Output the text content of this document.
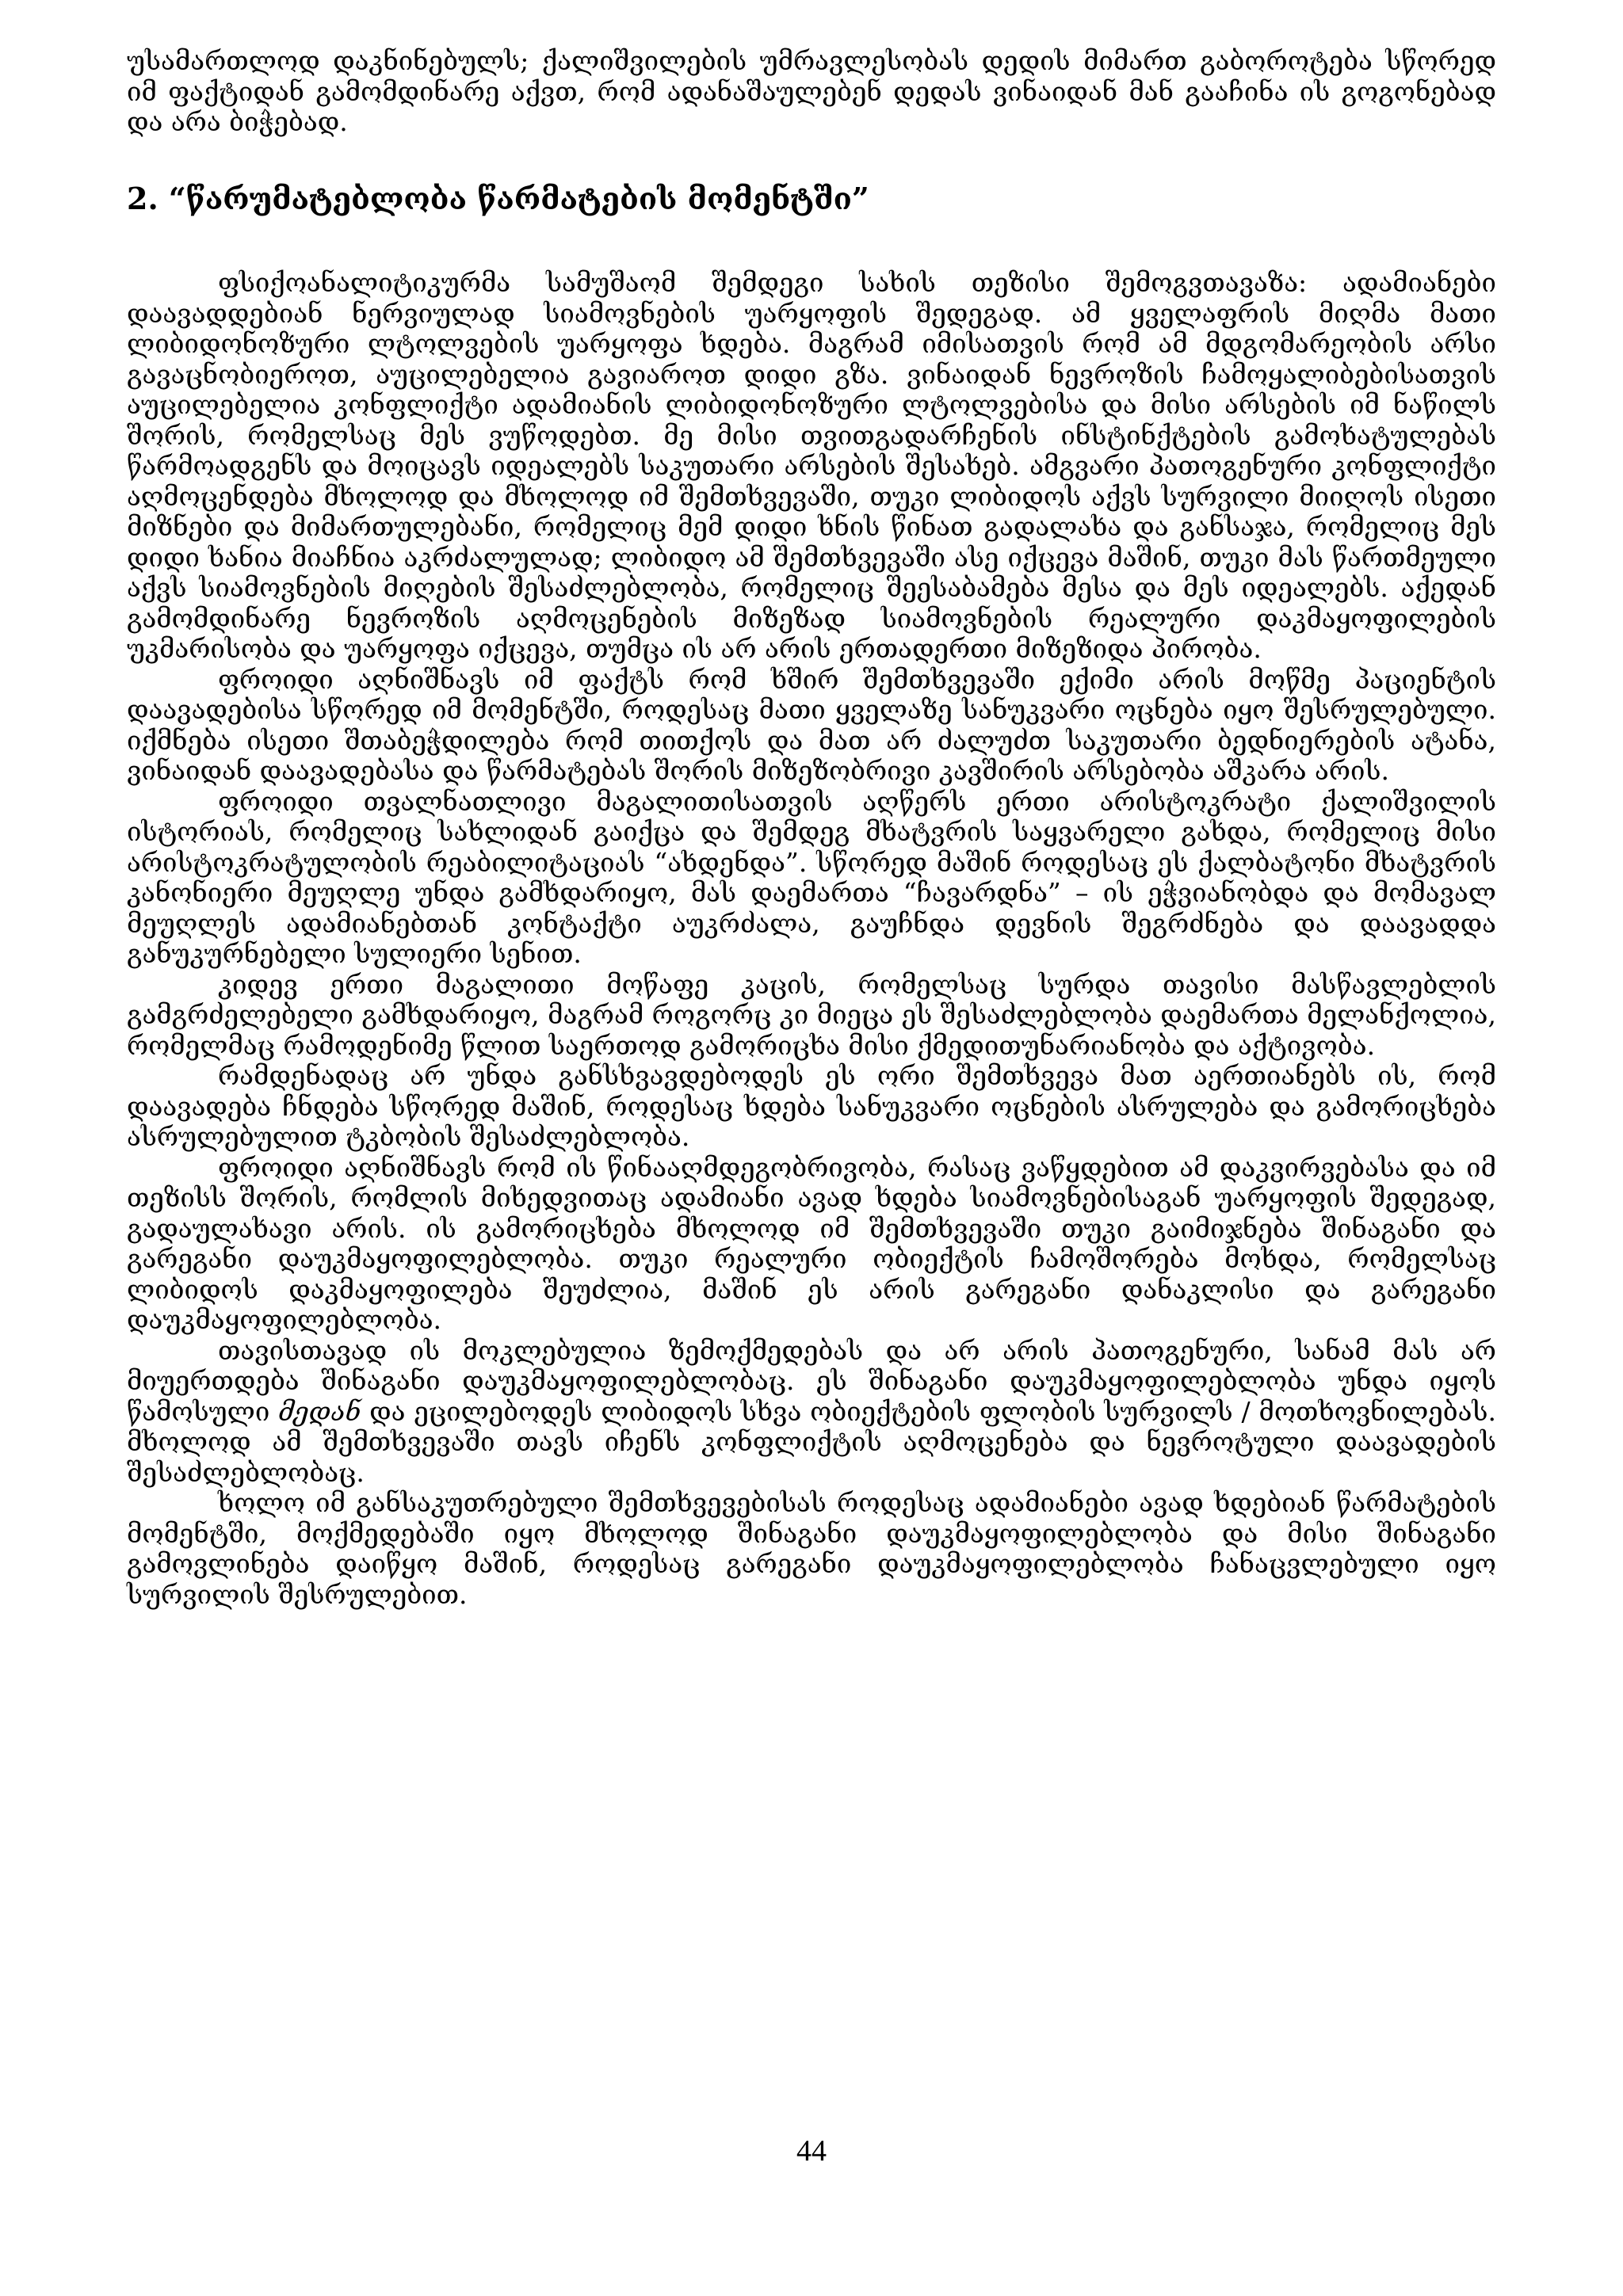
უსამართლოდ დაკნინებულს; ქალიშვილების უმრავლესობას დედის მიმართ გაბოროტება სწორედ იმ ფაქტიდან გამომდინარე აქვთ, რომ ადანაშაულებენ დედას ვინაიდან მან გააჩინა ის გოგონებად და არა ბიჭებად.

2. “წარუმატებლობა წარმატების მომენტში”

ფსიქოანალიტიკურმა სამუშაომ შემდეგი სახის თეზისი შემოგვთავაზა: ადამიანები დაავადდებიან ნერვიულად სიამოვნების უარყოფის შედეგად. ამ ყველაფრის მიღმა მათი ლიბიდონოზური ლტოლვების უარყოფა ხდება. მაგრამ იმისათვის რომ ამ მდგომარეობის არსი გავაცნობიეროთ, აუცილებელია გავიაროთ დიდი გზა. ვინაიდან ნევროზის ჩამოყალიბებისათვის აუცილებელია კონფლიქტი ადამიანის ლიბიდონოზური ლტოლვებისა და მისი არსების იმ ნაწილს შორის, რომელსაც მეს ვუწოდებთ. მე მისი თვითგადარჩენის ინსტინქტების გამოხატულებას წარმოადგენს და მოიცავს იდეალებს საკუთარი არსების შესახებ. ამგვარი პათოგენური კონფლიქტი აღმოცენდება მხოლოდ და მხოლოდ იმ შემთხვევაში, თუკი ლიბიდოს აქვს სურვილი მიიღოს ისეთი მიზნები და მიმართულებანი, რომელიც მემ დიდი ხნის წინათ გადალახა და განსაჯა, რომელიც მეს დიდი ხანია მიაჩნია აკრძალულად; ლიბიდო ამ შემთხვევაში ასე იქცევა მაშინ, თუკი მას წართმეული აქვს სიამოვნების მიღების შესაძლებლობა, რომელიც შეესაბამება მესა და მეს იდეალებს. აქედან გამომდინარე ნევროზის აღმოცენების მიზეზად სიამოვნების რეალური დაკმაყოფილების უკმარისობა და უარყოფა იქცევა, თუმცა ის არ არის ერთადერთი მიზეზიდა პირობა.

ფროიდი აღნიშნავს იმ ფაქტს რომ ხშირ შემთხვევაში ექიმი არის მოწმე პაციენტის დაავადებისა სწორედ იმ მომენტში, როდესაც მათი ყველაზე სანუკვარი ოცნება იყო შესრულებული. იქმნება ისეთი შთაბეჭდილება რომ თითქოს და მათ არ ძალუძთ საკუთარი ბედნიერების ატანა, ვინაიდან დაავადებასა და წარმატებას შორის მიზეზობრივი კავშირის არსებობა აშკარა არის.

ფროიდი თვალნათლივი მაგალითისათვის აღწერს ერთი არისტოკრატი ქალიშვილის ისტორიას, რომელიც სახლიდან გაიქცა და შემდეგ მხატვრის საყვარელი გახდა, რომელიც მისი არისტოკრატულობის რეაბილიტაციას “ახდენდა”. სწორედ მაშინ როდესაც ეს ქალბატონი მხატვრის კანონიერი მეუღლე უნდა გამხდარიყო, მას დაემართა “ჩავარდნა” – ის ეჭვიანობდა და მომავალ მეუღლეს ადამიანებთან კონტაქტი აუკრძალა, გაუჩნდა დევნის შეგრძნება და დაავადდა განუკურნებელი სულიერი სენით.

კიდევ ერთი მაგალითი მოწაფე კაცის, რომელსაც სურდა თავისი მასწავლებლის გამგრძელებელი გამხდარიყო, მაგრამ როგორც კი მიეცა ეს შესაძლებლობა დაემართა მელანქოლია, რომელმაც რამოდენიმე წლით საერთოდ გამორიცხა მისი ქმედითუნარიანობა და აქტივობა.

რამდენადაც არ უნდა განსხვავდებოდეს ეს ორი შემთხვევა მათ აერთიანებს ის, რომ დაავადება ჩნდება სწორედ მაშინ, როდესაც ხდება სანუკვარი ოცნების ასრულება და გამორიცხება ასრულებულით ტკბობის შესაძლებლობა.

ფროიდი აღნიშნავს რომ ის წინააღმდეგობრივობა, რასაც ვაწყდებით ამ დაკვირვებასა და იმ თეზისს შორის, რომლის მიხედვითაც ადამიანი ავად ხდება სიამოვნებისაგან უარყოფის შედეგად, გადაულახავი არის. ის გამორიცხება მხოლოდ იმ შემთხვევაში თუკი გაიმიჯნება შინაგანი და გარეგანი დაუკმაყოფილებლობა. თუკი რეალური ობიექტის ჩამოშორება მოხდა, რომელსაც ლიბიდოს დაკმაყოფილება შეუძლია, მაშინ ეს არის გარეგანი დანაკლისი და გარეგანი დაუკმაყოფილებლობა.

თავისთავად ის მოკლებულია ზემოქმედებას და არ არის პათოგენური, სანამ მას არ მიუერთდება შინაგანი დაუკმაყოფილებლობაც. ეს შინაგანი დაუკმაყოფილებლობა უნდა იყოს წამოსული მედან და ეცილებოდეს ლიბიდოს სხვა ობიექტების ფლობის სურვილს / მოთხოვნილებას. მხოლოდ ამ შემთხვევაში თავს იჩენს კონფლიქტის აღმოცენება და ნევროტული დაავადების შესაძლებლობაც.

ხოლო იმ განსაკუთრებული შემთხვევებისას როდესაც ადამიანები ავად ხდებიან წარმატების მომენტში, მოქმედებაში იყო მხოლოდ შინაგანი დაუკმაყოფილებლობა და მისი შინაგანი გამოვლინება დაიწყო მაშინ, როდესაც გარეგანი დაუკმაყოფილებლობა ჩანაცვლებული იყო სურვილის შესრულებით.

44
